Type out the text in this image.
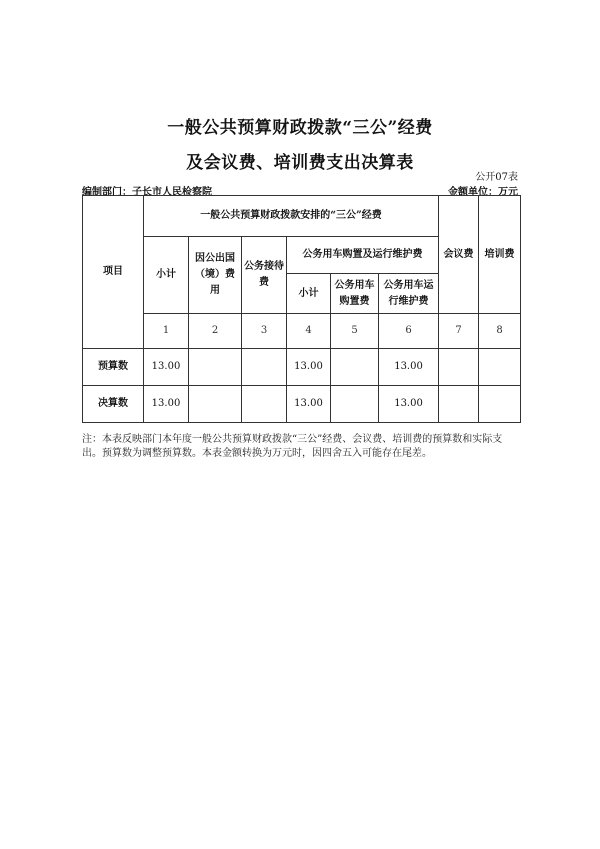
一般公共预算财政拨款“三公”经费
及会议费、培训费支出决算表
公开07表
编制部门：子长市人民检察院	金额单位：万元
项目	一般公共预算财政拨款安排的“三公”经费						会议费	培训费
	小计	因公出国（境）费用	公务接待费	公务用车购置及运行维护费				
				小计	公务用车购置费	公务用车运行维护费		
	1	2	3	4	5	6	7	8
预算数	13.00			13.00		13.00		
决算数	13.00			13.00		13.00		
注：本表反映部门本年度一般公共预算财政拨款“三公”经费、会议费、培训费的预算数和实际支出。预算数为调整预算数。本表金额转换为万元时，因四舍五入可能存在尾差。
